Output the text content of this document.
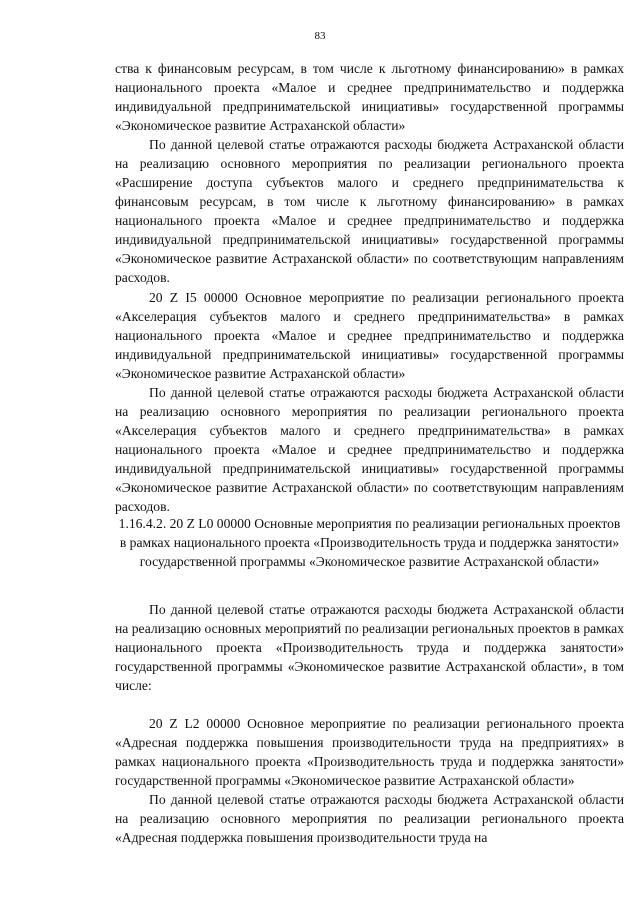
83

ства к финансовым ресурсам, в том числе к льготному финансированию» в рамках национального проекта «Малое и среднее предпринимательство и поддержка индивидуальной предпринимательской инициативы» государственной программы «Экономическое развитие Астраханской области»

По данной целевой статье отражаются расходы бюджета Астраханской области на реализацию основного мероприятия по реализации регионального проекта «Расширение доступа субъектов малого и среднего предпринимательства к финансовым ресурсам, в том числе к льготному финансированию» в рамках национального проекта «Малое и среднее предпринимательство и поддержка индивидуальной предпринимательской инициативы» государственной программы «Экономическое развитие Астраханской области» по соответствующим направлениям расходов.

20 Z I5 00000 Основное мероприятие по реализации регионального проекта «Акселерация субъектов малого и среднего предпринимательства» в рамках национального проекта «Малое и среднее предпринимательство и поддержка индивидуальной предпринимательской инициативы» государственной программы «Экономическое развитие Астраханской области»

По данной целевой статье отражаются расходы бюджета Астраханской области на реализацию основного мероприятия по реализации регионального проекта «Акселерация субъектов малого и среднего предпринимательства» в рамках национального проекта «Малое и среднее предпринимательство и поддержка индивидуальной предпринимательской инициативы» государственной программы «Экономическое развитие Астраханской области» по соответствующим направлениям расходов.

1.16.4.2. 20 Z L0 00000 Основные мероприятия по реализации региональных проектов в рамках национального проекта «Производительность труда и поддержка занятости» государственной программы «Экономическое развитие Астраханской области»

По данной целевой статье отражаются расходы бюджета Астраханской области на реализацию основных мероприятий по реализации региональных проектов в рамках национального проекта «Производительность труда и поддержка занятости» государственной программы «Экономическое развитие Астраханской области», в том числе:

20 Z L2 00000 Основное мероприятие по реализации регионального проекта «Адресная поддержка повышения производительности труда на предприятиях» в рамках национального проекта «Производительность труда и поддержка занятости» государственной программы «Экономическое развитие Астраханской области»

По данной целевой статье отражаются расходы бюджета Астраханской области на реализацию основного мероприятия по реализации регионального проекта «Адресная поддержка повышения производительности труда на
